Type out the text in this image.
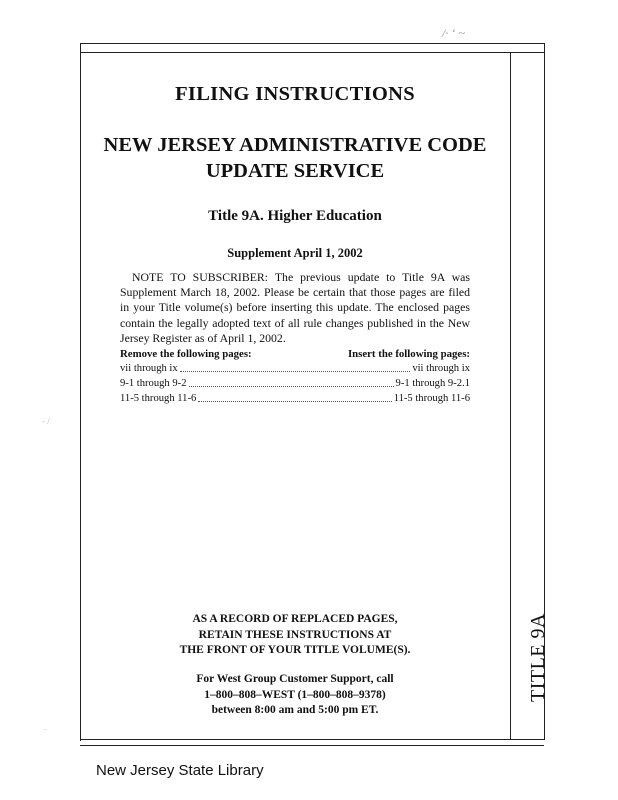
/∙ ‘ ~
- /
.
FILING INSTRUCTIONS
NEW JERSEY ADMINISTRATIVE CODE
UPDATE SERVICE
Title 9A. Higher Education
Supplement April 1, 2002
NOTE TO SUBSCRIBER: The previous update to Title 9A was Supplement March 18, 2002. Please be certain that those pages are filed in your Title volume(s) before inserting this update. The enclosed pages contain the legally adopted text of all rule changes published in the New Jersey Register as of April 1, 2002.
Remove the following pages:	Insert the following pages:
vii through ix	vii through ix
9-1 through 9-2	9-1 through 9-2.1
11-5 through 11-6	11-5 through 11-6
AS A RECORD OF REPLACED PAGES,
RETAIN THESE INSTRUCTIONS AT
THE FRONT OF YOUR TITLE VOLUME(S).
For West Group Customer Support, call
1–800–808–WEST (1–800–808–9378)
between 8:00 am and 5:00 pm ET.
TITLE 9A
New Jersey State Library
